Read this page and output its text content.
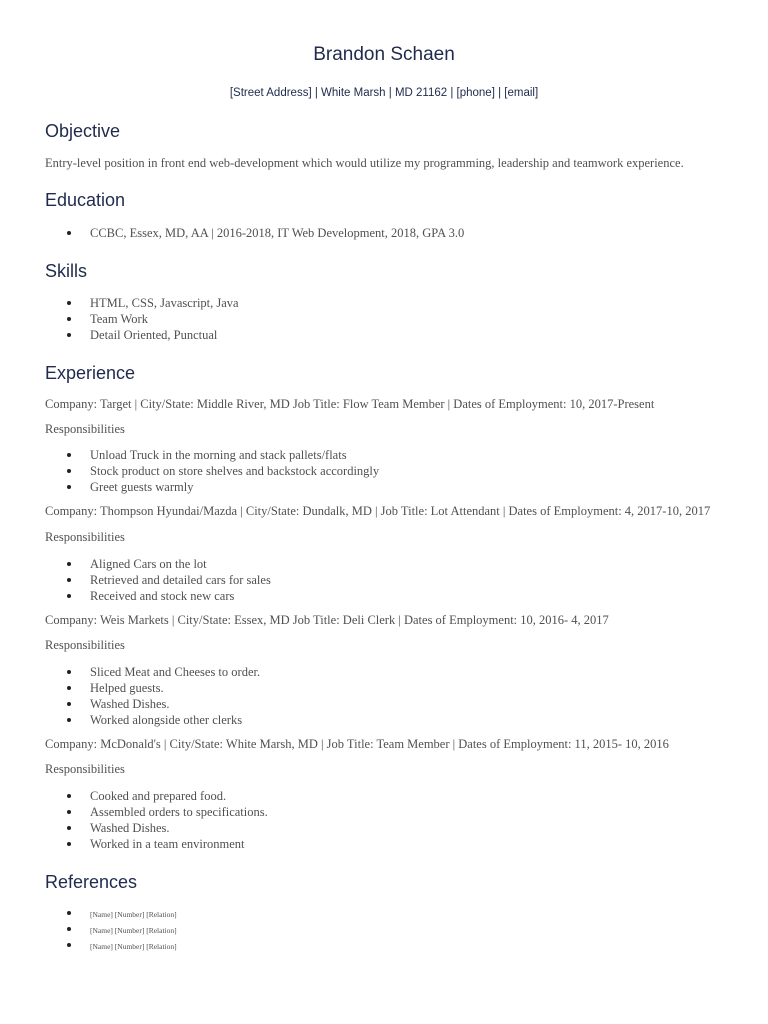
Brandon Schaen
[Street Address] | White Marsh | MD 21162 | [phone] | [email]
Objective
Entry-level position in front end web-development which would utilize my programming, leadership and teamwork experience.
Education
CCBC, Essex, MD, AA | 2016-2018, IT Web Development, 2018, GPA 3.0
Skills
HTML, CSS, Javascript, Java
Team Work
Detail Oriented, Punctual
Experience
Company: Target | City/State: Middle River, MD Job Title: Flow Team Member | Dates of Employment: 10, 2017-Present
Responsibilities
Unload Truck in the morning and stack pallets/flats
Stock product on store shelves and backstock accordingly
Greet guests warmly
Company: Thompson Hyundai/Mazda | City/State: Dundalk, MD | Job Title: Lot Attendant | Dates of Employment: 4, 2017-10, 2017
Responsibilities
Aligned Cars on the lot
Retrieved and detailed cars for sales
Received and stock new cars
Company: Weis Markets | City/State: Essex, MD Job Title: Deli Clerk | Dates of Employment: 10, 2016- 4, 2017
Responsibilities
Sliced Meat and Cheeses to order.
Helped guests.
Washed Dishes.
Worked alongside other clerks
Company: McDonald's | City/State: White Marsh, MD | Job Title: Team Member | Dates of Employment: 11, 2015- 10, 2016
Responsibilities
Cooked and prepared food.
Assembled orders to specifications.
Washed Dishes.
Worked in a team environment
References
[Name] [Number] [Relation]
[Name] [Number] [Relation]
[Name] [Number] [Relation]
